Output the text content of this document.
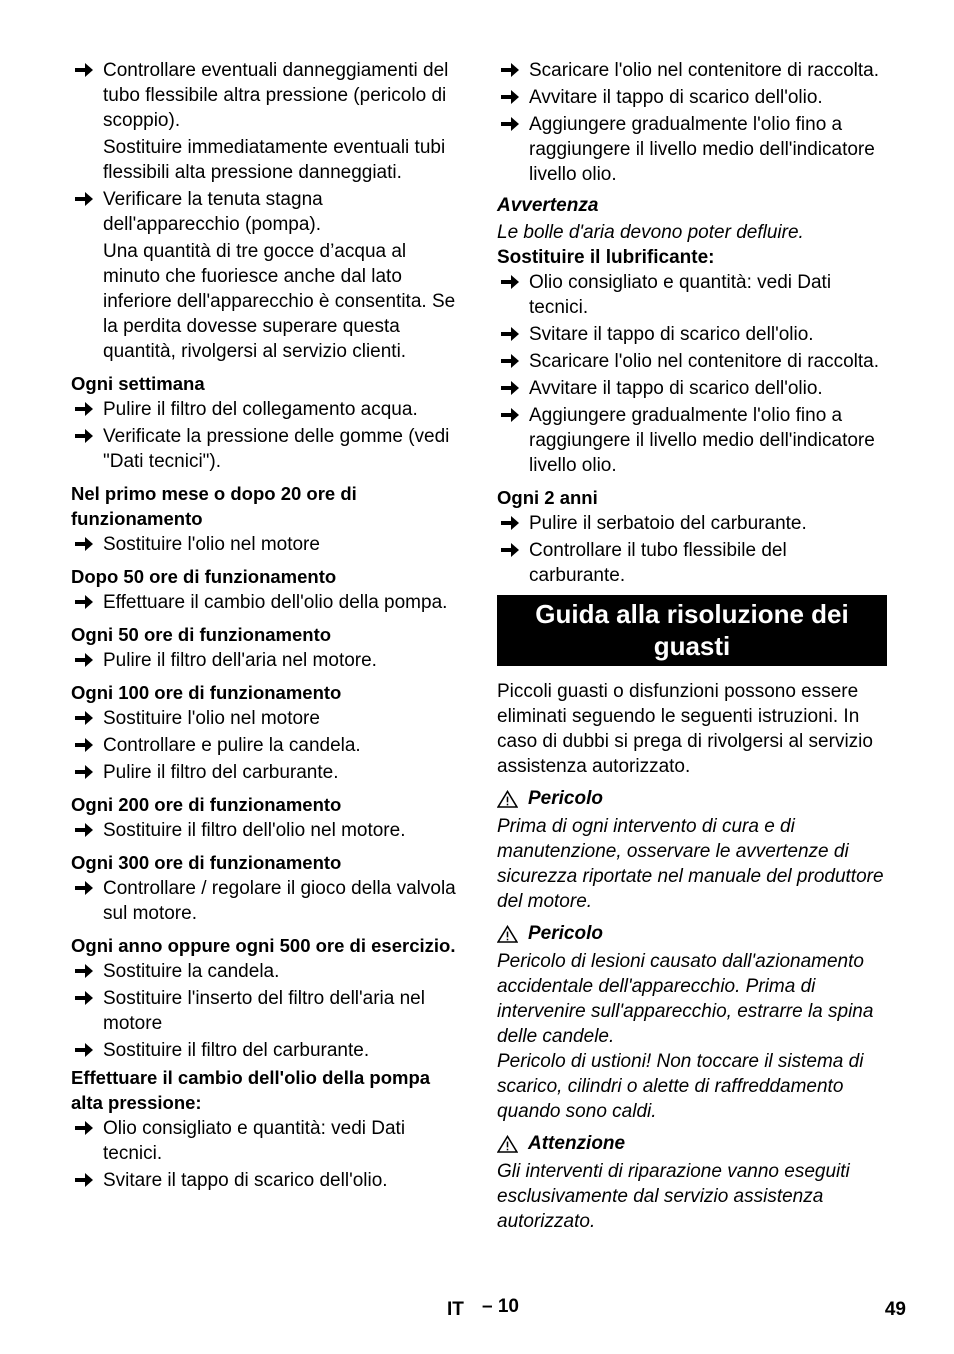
Controllare eventuali danneggiamenti del tubo flessibile altra pressione (pericolo di scoppio).
Sostituire immediatamente eventuali tubi flessibili alta pressione danneggiati.
Verificare la tenuta stagna dell'apparecchio (pompa).
Una quantità di tre gocce d’acqua al minuto che fuoriesce anche dal lato inferiore dell'apparecchio è consentita. Se la perdita dovesse superare questa quantità, rivolgersi al servizio clienti.
Ogni settimana
Pulire il filtro del collegamento acqua.
Verificate la pressione delle gomme (vedi "Dati tecnici").
Nel primo mese o dopo 20 ore di funzionamento
Sostituire l'olio nel motore
Dopo 50 ore di funzionamento
Effettuare il cambio dell'olio della pompa.
Ogni 50 ore di funzionamento
Pulire il filtro dell'aria nel motore.
Ogni 100 ore di funzionamento
Sostituire l'olio nel motore
Controllare e pulire la candela.
Pulire il filtro del carburante.
Ogni 200 ore di funzionamento
Sostituire il filtro dell'olio nel motore.
Ogni 300 ore di funzionamento
Controllare / regolare il gioco della valvola sul motore.
Ogni anno oppure ogni 500 ore di esercizio.
Sostituire la candela.
Sostituire l'inserto del filtro dell'aria nel motore
Sostituire il filtro del carburante.
Effettuare il cambio dell'olio della pompa alta pressione:
Olio consigliato e quantità: vedi Dati tecnici.
Svitare il tappo di scarico dell'olio.
Scaricare l'olio nel contenitore di raccolta.
Avvitare il tappo di scarico dell'olio.
Aggiungere gradualmente l'olio fino a raggiungere il livello medio dell'indicatore livello olio.
Avvertenza
Le bolle d'aria devono poter defluire.
Sostituire il lubrificante:
Olio consigliato e quantità: vedi Dati tecnici.
Svitare il tappo di scarico dell'olio.
Scaricare l'olio nel contenitore di raccolta.
Avvitare il tappo di scarico dell'olio.
Aggiungere gradualmente l'olio fino a raggiungere il livello medio dell'indicatore livello olio.
Ogni 2 anni
Pulire il serbatoio del carburante.
Controllare il tubo flessibile del carburante.
Guida alla risoluzione dei guasti
Piccoli guasti o disfunzioni possono essere eliminati seguendo le seguenti istruzioni. In caso di dubbi si prega di rivolgersi al servizio assistenza autorizzato.
Pericolo
Prima di ogni intervento di cura e di manutenzione, osservare le avvertenze di sicurezza riportate nel manuale del produttore del motore.
Pericolo
Pericolo di lesioni causato dall'azionamento accidentale dell'apparecchio. Prima di intervenire sull'apparecchio, estrarre la spina delle candele.
Pericolo di ustioni! Non toccare il sistema di scarico, cilindri o alette di raffreddamento quando sono caldi.
Attenzione
Gli interventi di riparazione vanno eseguiti esclusivamente dal servizio assistenza autorizzato.
IT – 10	49
